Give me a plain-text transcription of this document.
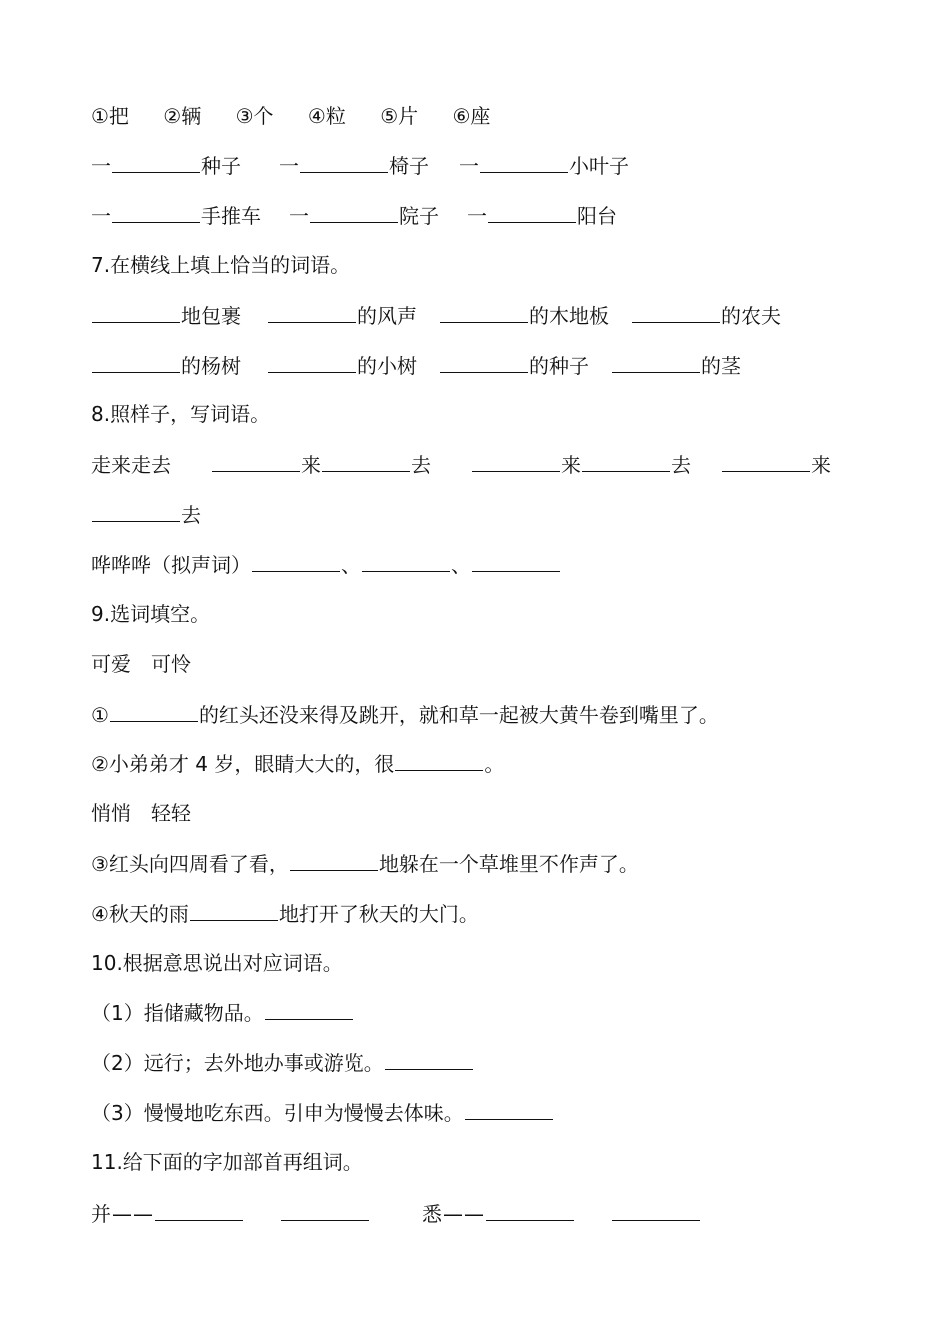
①把 ②辆 ③个 ④粒 ⑤片 ⑥座
一	种子 一	椅子 一	小叶子
一	手推车 一	院子 一	阳台
7.在横线上填上恰当的词语。
地包裹	的风声	的木地板	的农夫
的杨树	的小树	的种子	的茎
8.照样子，写词语。
走来走去	来	去	来	去	来
去
哗哗哗（拟声词）	、	、
9.选词填空。
可爱　可怜
①	的红头还没来得及跳开，就和草一起被大黄牛卷到嘴里了。
②小弟弟才 4 岁，眼睛大大的，很	。
悄悄　轻轻
③红头向四周看了看，	地躲在一个草堆里不作声了。
④秋天的雨	地打开了秋天的大门。
10.根据意思说出对应词语。
（1）指储藏物品。
（2）远行；去外地办事或游览。
（3）慢慢地吃东西。引申为慢慢去体味。
11.给下面的字加部首再组词。
并——	悉——
